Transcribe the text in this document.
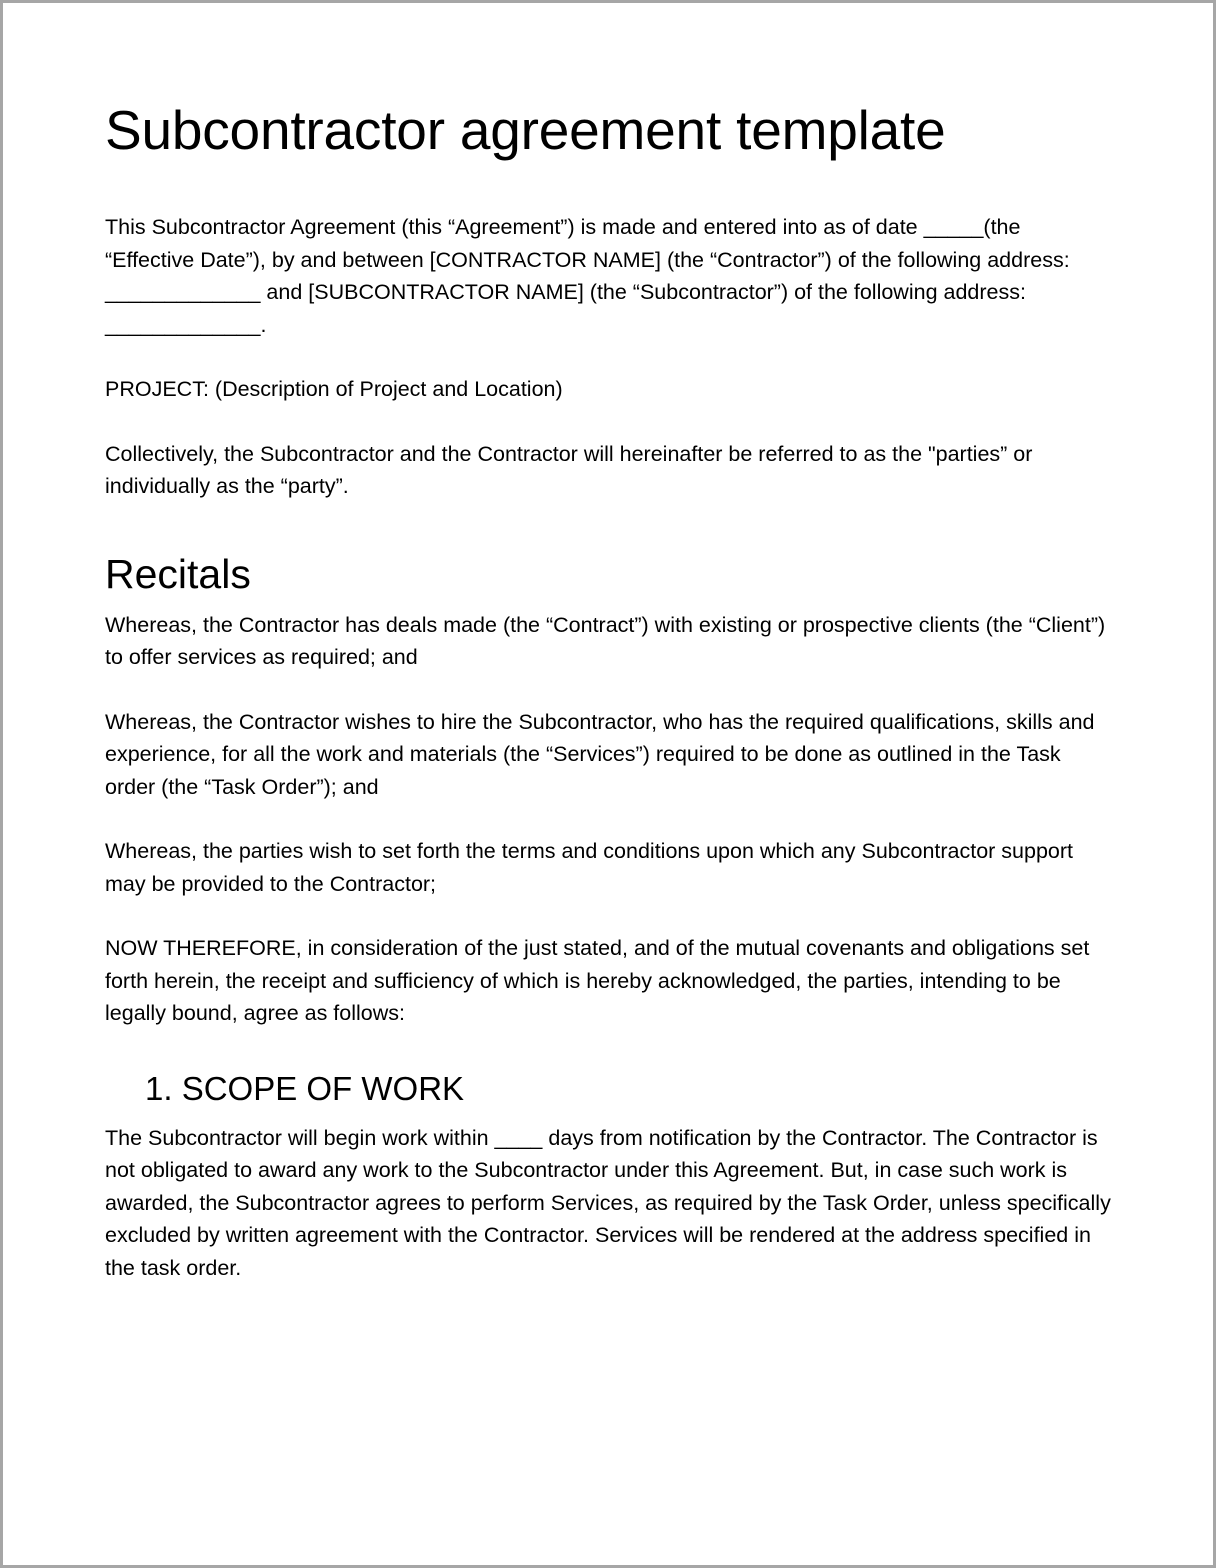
Subcontractor agreement template

This Subcontractor Agreement (this “Agreement”) is made and entered into as of date _____(the “Effective Date”), by and between [CONTRACTOR NAME] (the “Contractor”) of the following address: _____________ and [SUBCONTRACTOR NAME] (the “Subcontractor”) of the following address: _____________.

PROJECT: (Description of Project and Location)

Collectively, the Subcontractor and the Contractor will hereinafter be referred to as the "parties” or individually as the “party”.

Recitals

Whereas, the Contractor has deals made (the “Contract”) with existing or prospective clients (the “Client”) to offer services as required; and

Whereas, the Contractor wishes to hire the Subcontractor, who has the required qualifications, skills and experience, for all the work and materials (the “Services”) required to be done as outlined in the Task order (the “Task Order”); and

Whereas, the parties wish to set forth the terms and conditions upon which any Subcontractor support may be provided to the Contractor;

NOW THEREFORE, in consideration of the just stated, and of the mutual covenants and obligations set forth herein, the receipt and sufficiency of which is hereby acknowledged, the parties, intending to be legally bound, agree as follows:

1. SCOPE OF WORK

The Subcontractor will begin work within ____ days from notification by the Contractor. The Contractor is not obligated to award any work to the Subcontractor under this Agreement. But, in case such work is awarded, the Subcontractor agrees to perform Services, as required by the Task Order, unless specifically excluded by written agreement with the Contractor. Services will be rendered at the address specified in the task order.
